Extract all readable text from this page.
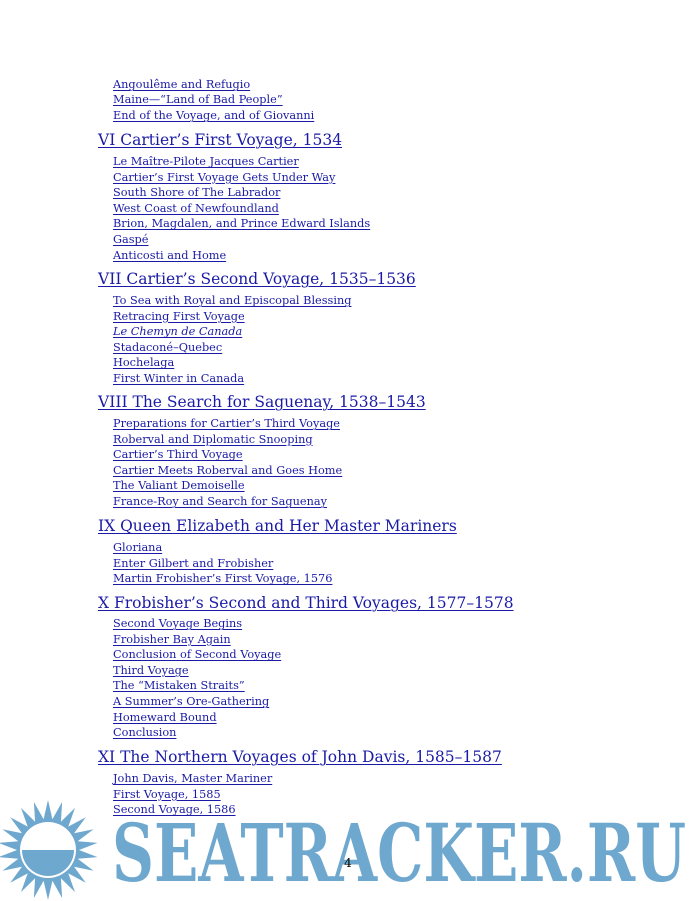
Angoulême and Refugio
Maine—“Land of Bad People”
End of the Voyage, and of Giovanni
VI Cartier’s First Voyage, 1534
Le Maître-Pilote Jacques Cartier
Cartier’s First Voyage Gets Under Way
South Shore of The Labrador
West Coast of Newfoundland
Brion, Magdalen, and Prince Edward Islands
Gaspé
Anticosti and Home
VII Cartier’s Second Voyage, 1535–1536
To Sea with Royal and Episcopal Blessing
Retracing First Voyage
Le Chemyn de Canada
Stadaconé–Quebec
Hochelaga
First Winter in Canada
VIII The Search for Saguenay, 1538–1543
Preparations for Cartier’s Third Voyage
Roberval and Diplomatic Snooping
Cartier’s Third Voyage
Cartier Meets Roberval and Goes Home
The Valiant Demoiselle
France-Roy and Search for Saguenay
IX Queen Elizabeth and Her Master Mariners
Gloriana
Enter Gilbert and Frobisher
Martin Frobisher’s First Voyage, 1576
X Frobisher’s Second and Third Voyages, 1577–1578
Second Voyage Begins
Frobisher Bay Again
Conclusion of Second Voyage
Third Voyage
The “Mistaken Straits”
A Summer’s Ore-Gathering
Homeward Bound
Conclusion
XI The Northern Voyages of John Davis, 1585–1587
John Davis, Master Mariner
First Voyage, 1585
Second Voyage, 1586
SEATRACKER.RU
4
